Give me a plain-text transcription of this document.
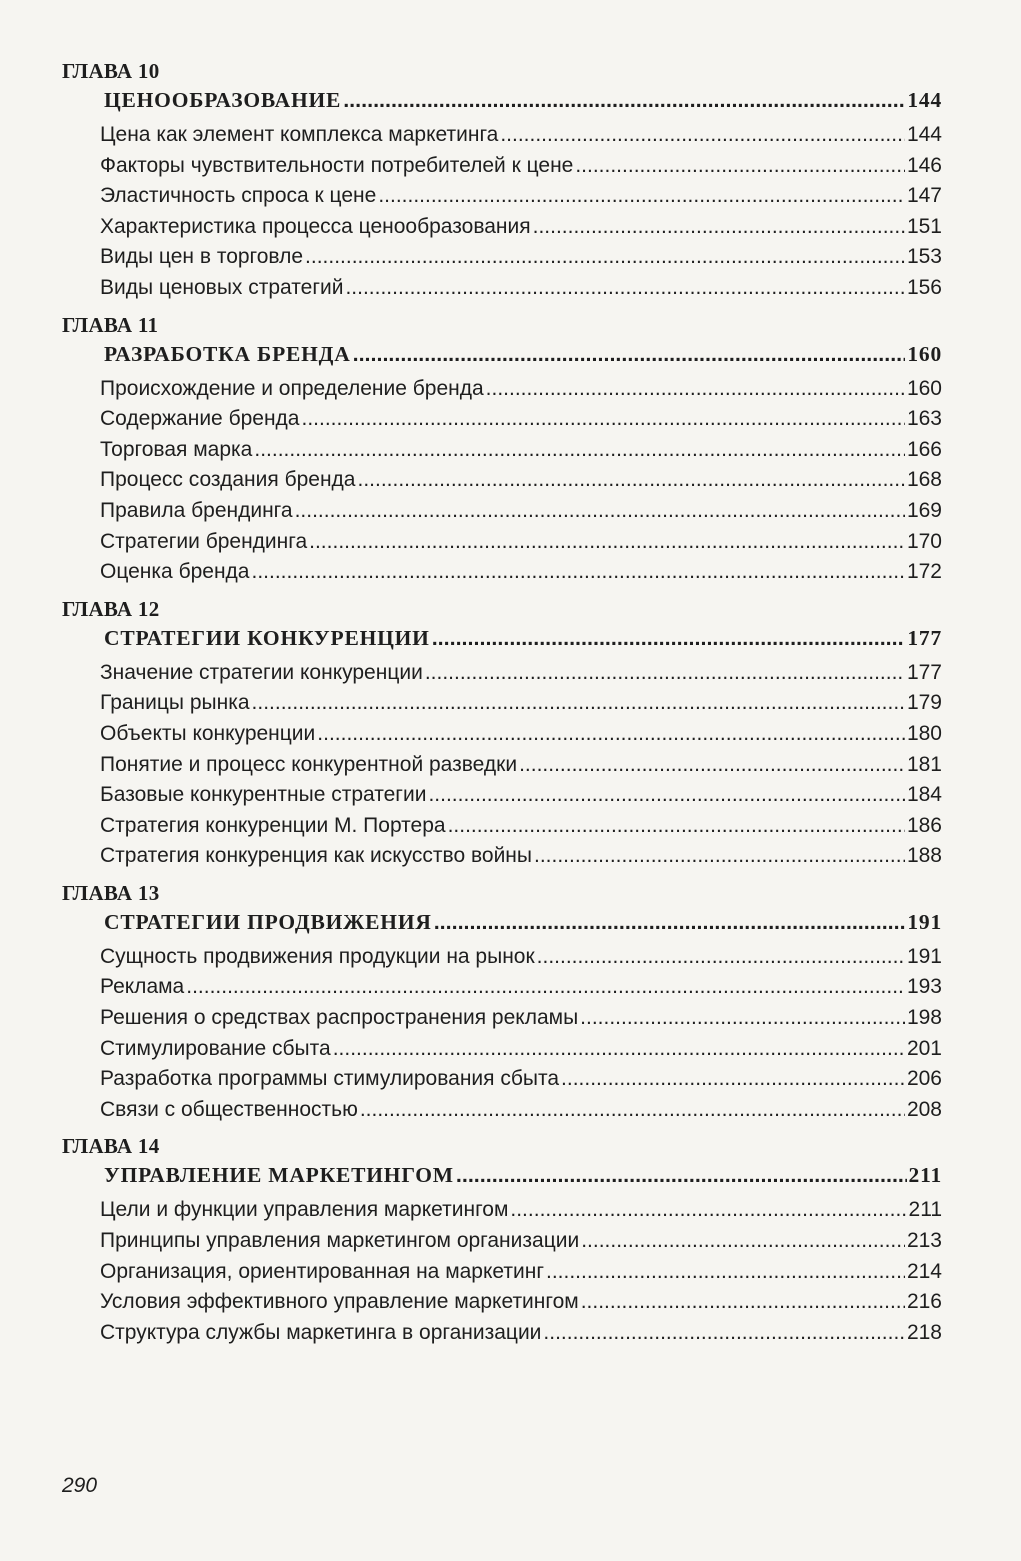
ГЛАВА 10
ЦЕНООБРАЗОВАНИЕ .....	144
Цена как элемент комплекса маркетинга .....	144
Факторы чувствительности потребителей к цене .....	146
Эластичность спроса к цене .....	147
Характеристика процесса ценообразования .....	151
Виды цен в торговле .....	153
Виды ценовых стратегий .....	156
ГЛАВА 11
РАЗРАБОТКА БРЕНДА .....	160
Происхождение и определение бренда .....	160
Содержание бренда .....	163
Торговая марка .....	166
Процесс создания бренда .....	168
Правила брендинга .....	169
Стратегии брендинга .....	170
Оценка бренда .....	172
ГЛАВА 12
СТРАТЕГИИ КОНКУРЕНЦИИ .....	177
Значение стратегии конкуренции .....	177
Границы рынка .....	179
Объекты конкуренции .....	180
Понятие и процесс конкурентной разведки .....	181
Базовые конкурентные стратегии .....	184
Стратегия конкуренции М. Портера .....	186
Стратегия конкуренция как искусство войны .....	188
ГЛАВА 13
СТРАТЕГИИ ПРОДВИЖЕНИЯ .....	191
Сущность продвижения продукции на рынок .....	191
Реклама .....	193
Решения о средствах распространения рекламы .....	198
Стимулирование сбыта .....	201
Разработка программы стимулирования сбыта .....	206
Связи с общественностью .....	208
ГЛАВА 14
УПРАВЛЕНИЕ МАРКЕТИНГОМ .....	211
Цели и функции управления маркетингом .....	211
Принципы управления маркетингом организации .....	213
Организация, ориентированная на маркетинг .....	214
Условия эффективного управление маркетингом .....	216
Структура службы маркетинга в организации .....	218
290
